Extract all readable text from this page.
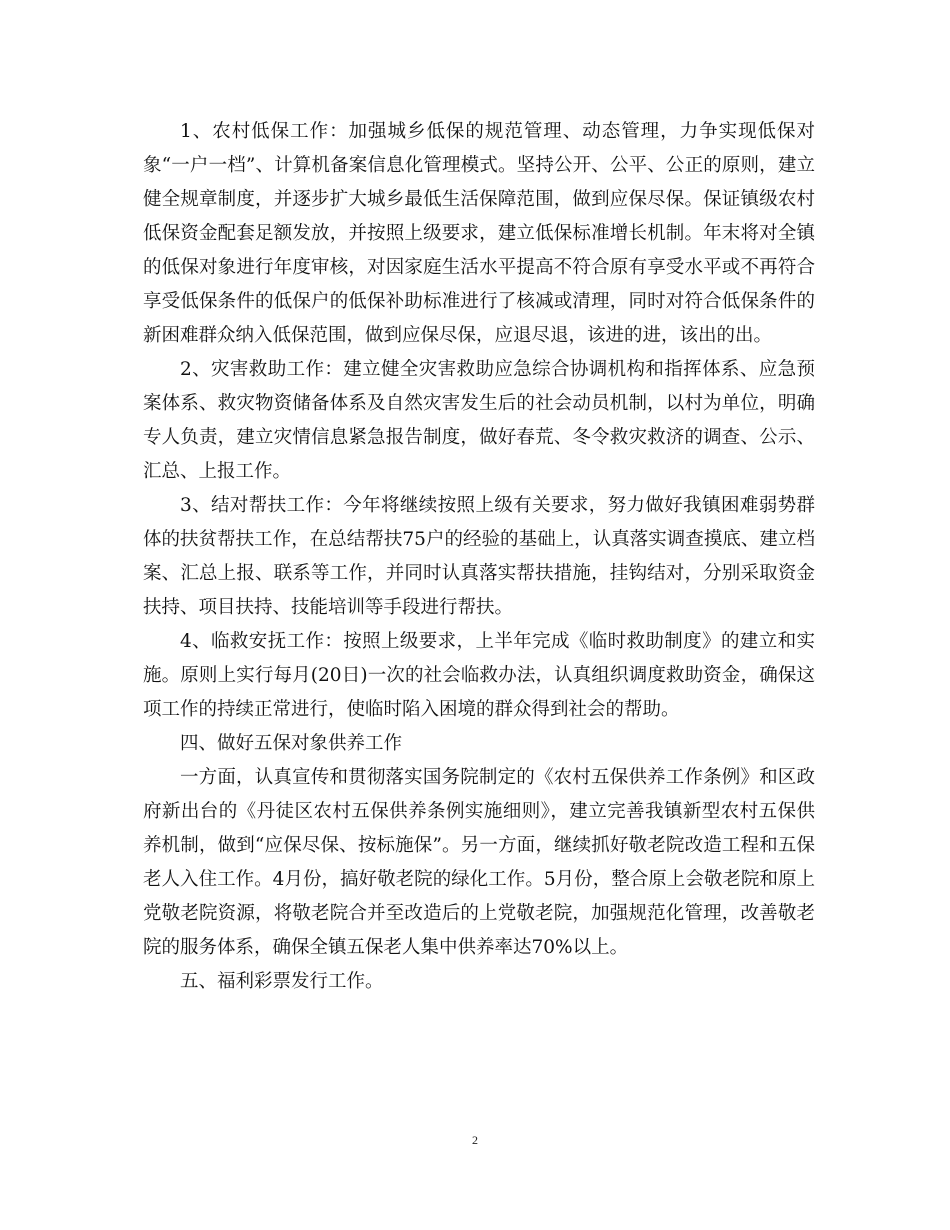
1、农村低保工作：加强城乡低保的规范管理、动态管理，力争实现低保对象“一户一档”、计算机备案信息化管理模式。坚持公开、公平、公正的原则，建立健全规章制度，并逐步扩大城乡最低生活保障范围，做到应保尽保。保证镇级农村低保资金配套足额发放，并按照上级要求，建立低保标准增长机制。年末将对全镇的低保对象进行年度审核，对因家庭生活水平提高不符合原有享受水平或不再符合享受低保条件的低保户的低保补助标准进行了核减或清理，同时对符合低保条件的新困难群众纳入低保范围，做到应保尽保，应退尽退，该进的进，该出的出。

2、灾害救助工作：建立健全灾害救助应急综合协调机构和指挥体系、应急预案体系、救灾物资储备体系及自然灾害发生后的社会动员机制，以村为单位，明确专人负责，建立灾情信息紧急报告制度，做好春荒、冬令救灾救济的调查、公示、汇总、上报工作。

3、结对帮扶工作：今年将继续按照上级有关要求，努力做好我镇困难弱势群体的扶贫帮扶工作，在总结帮扶75户的经验的基础上，认真落实调查摸底、建立档案、汇总上报、联系等工作，并同时认真落实帮扶措施，挂钩结对，分别采取资金扶持、项目扶持、技能培训等手段进行帮扶。

4、临救安抚工作：按照上级要求，上半年完成《临时救助制度》的建立和实施。原则上实行每月(20日)一次的社会临救办法，认真组织调度救助资金，确保这项工作的持续正常进行，使临时陷入困境的群众得到社会的帮助。

四、做好五保对象供养工作

一方面，认真宣传和贯彻落实国务院制定的《农村五保供养工作条例》和区政府新出台的《丹徒区农村五保供养条例实施细则》，建立完善我镇新型农村五保供养机制，做到“应保尽保、按标施保”。另一方面，继续抓好敬老院改造工程和五保老人入住工作。4月份，搞好敬老院的绿化工作。5月份，整合原上会敬老院和原上党敬老院资源，将敬老院合并至改造后的上党敬老院，加强规范化管理，改善敬老院的服务体系，确保全镇五保老人集中供养率达70%以上。

五、福利彩票发行工作。

2
